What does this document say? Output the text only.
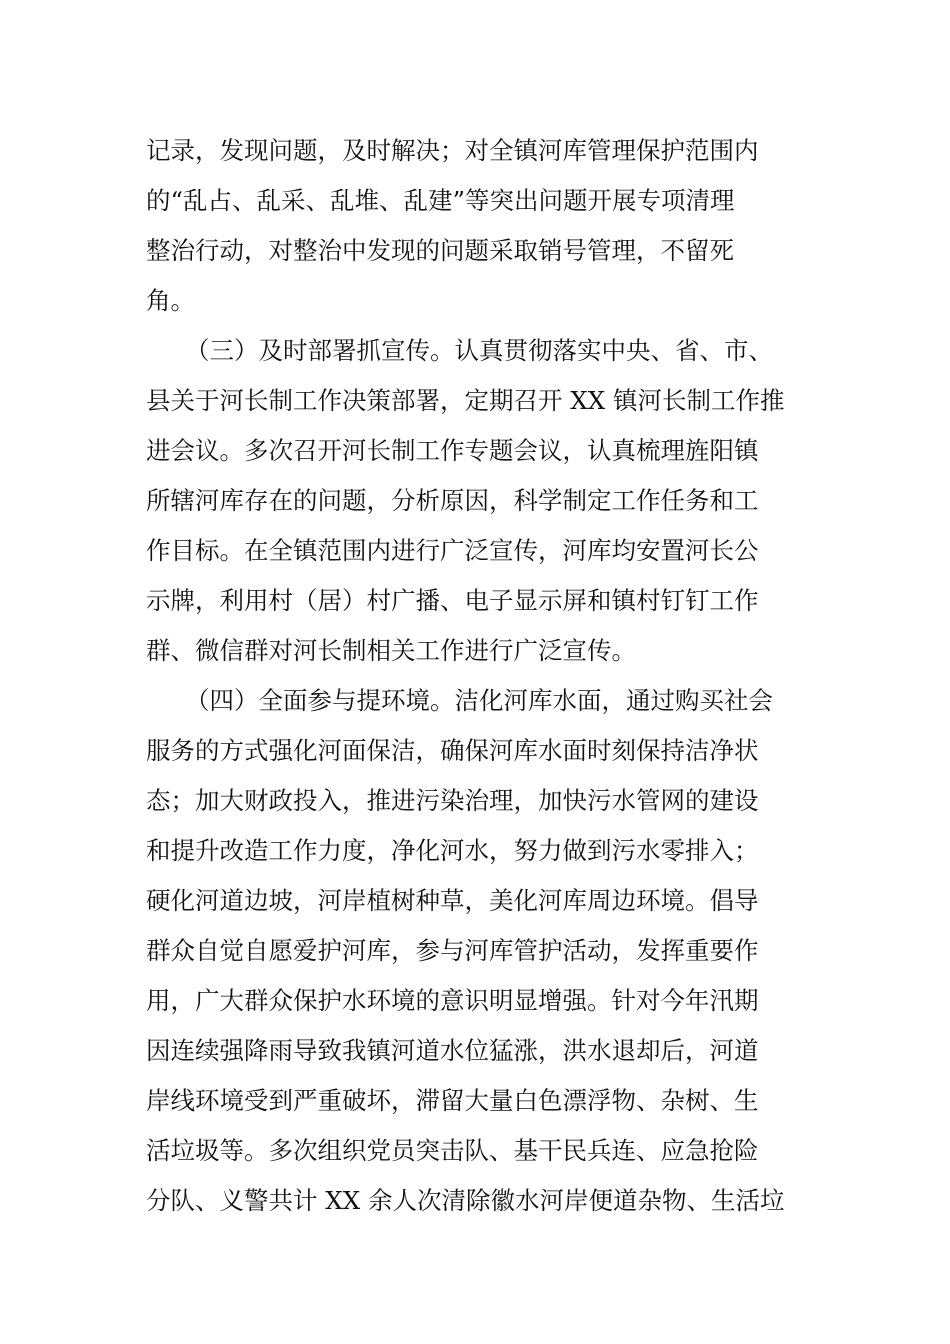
记录，发现问题，及时解决；对全镇河库管理保护范围内
的“乱占、乱采、乱堆、乱建”等突出问题开展专项清理
整治行动，对整治中发现的问题采取销号管理，不留死
角。
（三）及时部署抓宣传。认真贯彻落实中央、省、市、
县关于河长制工作决策部署，定期召开 XX 镇河长制工作推
进会议。多次召开河长制工作专题会议，认真梳理旌阳镇
所辖河库存在的问题，分析原因，科学制定工作任务和工
作目标。在全镇范围内进行广泛宣传，河库均安置河长公
示牌，利用村（居）村广播、电子显示屏和镇村钉钉工作
群、微信群对河长制相关工作进行广泛宣传。
（四）全面参与提环境。洁化河库水面，通过购买社会
服务的方式强化河面保洁，确保河库水面时刻保持洁净状
态；加大财政投入，推进污染治理，加快污水管网的建设
和提升改造工作力度，净化河水，努力做到污水零排入；
硬化河道边坡，河岸植树种草，美化河库周边环境。倡导
群众自觉自愿爱护河库，参与河库管护活动，发挥重要作
用，广大群众保护水环境的意识明显增强。针对今年汛期
因连续强降雨导致我镇河道水位猛涨，洪水退却后，河道
岸线环境受到严重破坏，滞留大量白色漂浮物、杂树、生
活垃圾等。多次组织党员突击队、基干民兵连、应急抢险
分队、义警共计 XX 余人次清除徽水河岸便道杂物、生活垃
